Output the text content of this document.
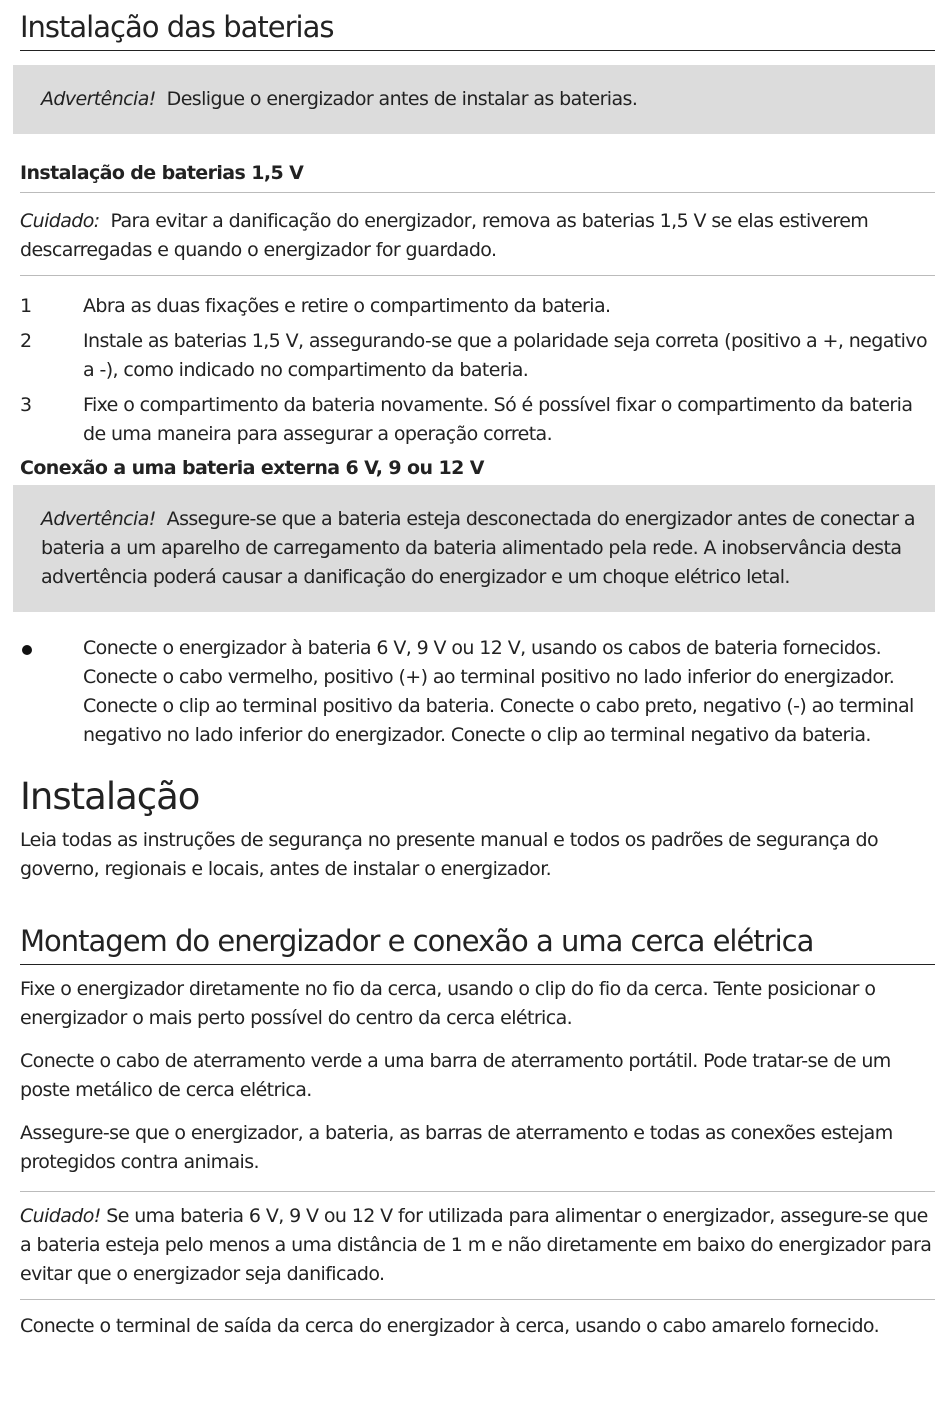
Instalação das baterias
Advertência! Desligue o energizador antes de instalar as baterias.
Instalação de baterias 1,5 V
Cuidado: Para evitar a danificação do energizador, remova as baterias 1,5 V se elas estiverem descarregadas e quando o energizador for guardado.
1	Abra as duas fixações e retire o compartimento da bateria.
2	Instale as baterias 1,5 V, assegurando-se que a polaridade seja correta (positivo a +, negativo a -), como indicado no compartimento da bateria.
3	Fixe o compartimento da bateria novamente. Só é possível fixar o compartimento da bateria de uma maneira para assegurar a operação correta.
Conexão a uma bateria externa 6 V, 9 ou 12 V
Advertência! Assegure-se que a bateria esteja desconectada do energizador antes de conectar a bateria a um aparelho de carregamento da bateria alimentado pela rede. A inobservância desta advertência poderá causar a danificação do energizador e um choque elétrico letal.
Conecte o energizador à bateria 6 V, 9 V ou 12 V, usando os cabos de bateria fornecidos. Conecte o cabo vermelho, positivo (+) ao terminal positivo no lado inferior do energizador. Conecte o clip ao terminal positivo da bateria. Conecte o cabo preto, negativo (-) ao terminal negativo no lado inferior do energizador. Conecte o clip ao terminal negativo da bateria.
Instalação

Leia todas as instruções de segurança no presente manual e todos os padrões de segurança do governo, regionais e locais, antes de instalar o energizador.

Montagem do energizador e conexão a uma cerca elétrica

Fixe o energizador diretamente no fio da cerca, usando o clip do fio da cerca. Tente posicionar o energizador o mais perto possível do centro da cerca elétrica.

Conecte o cabo de aterramento verde a uma barra de aterramento portátil. Pode tratar-se de um poste metálico de cerca elétrica.

Assegure-se que o energizador, a bateria, as barras de aterramento e todas as conexões estejam protegidos contra animais.

Cuidado! Se uma bateria 6 V, 9 V ou 12 V for utilizada para alimentar o energizador, assegure-se que a bateria esteja pelo menos a uma distância de 1 m e não diretamente em baixo do energizador para evitar que o energizador seja danificado.

Conecte o terminal de saída da cerca do energizador à cerca, usando o cabo amarelo fornecido.
